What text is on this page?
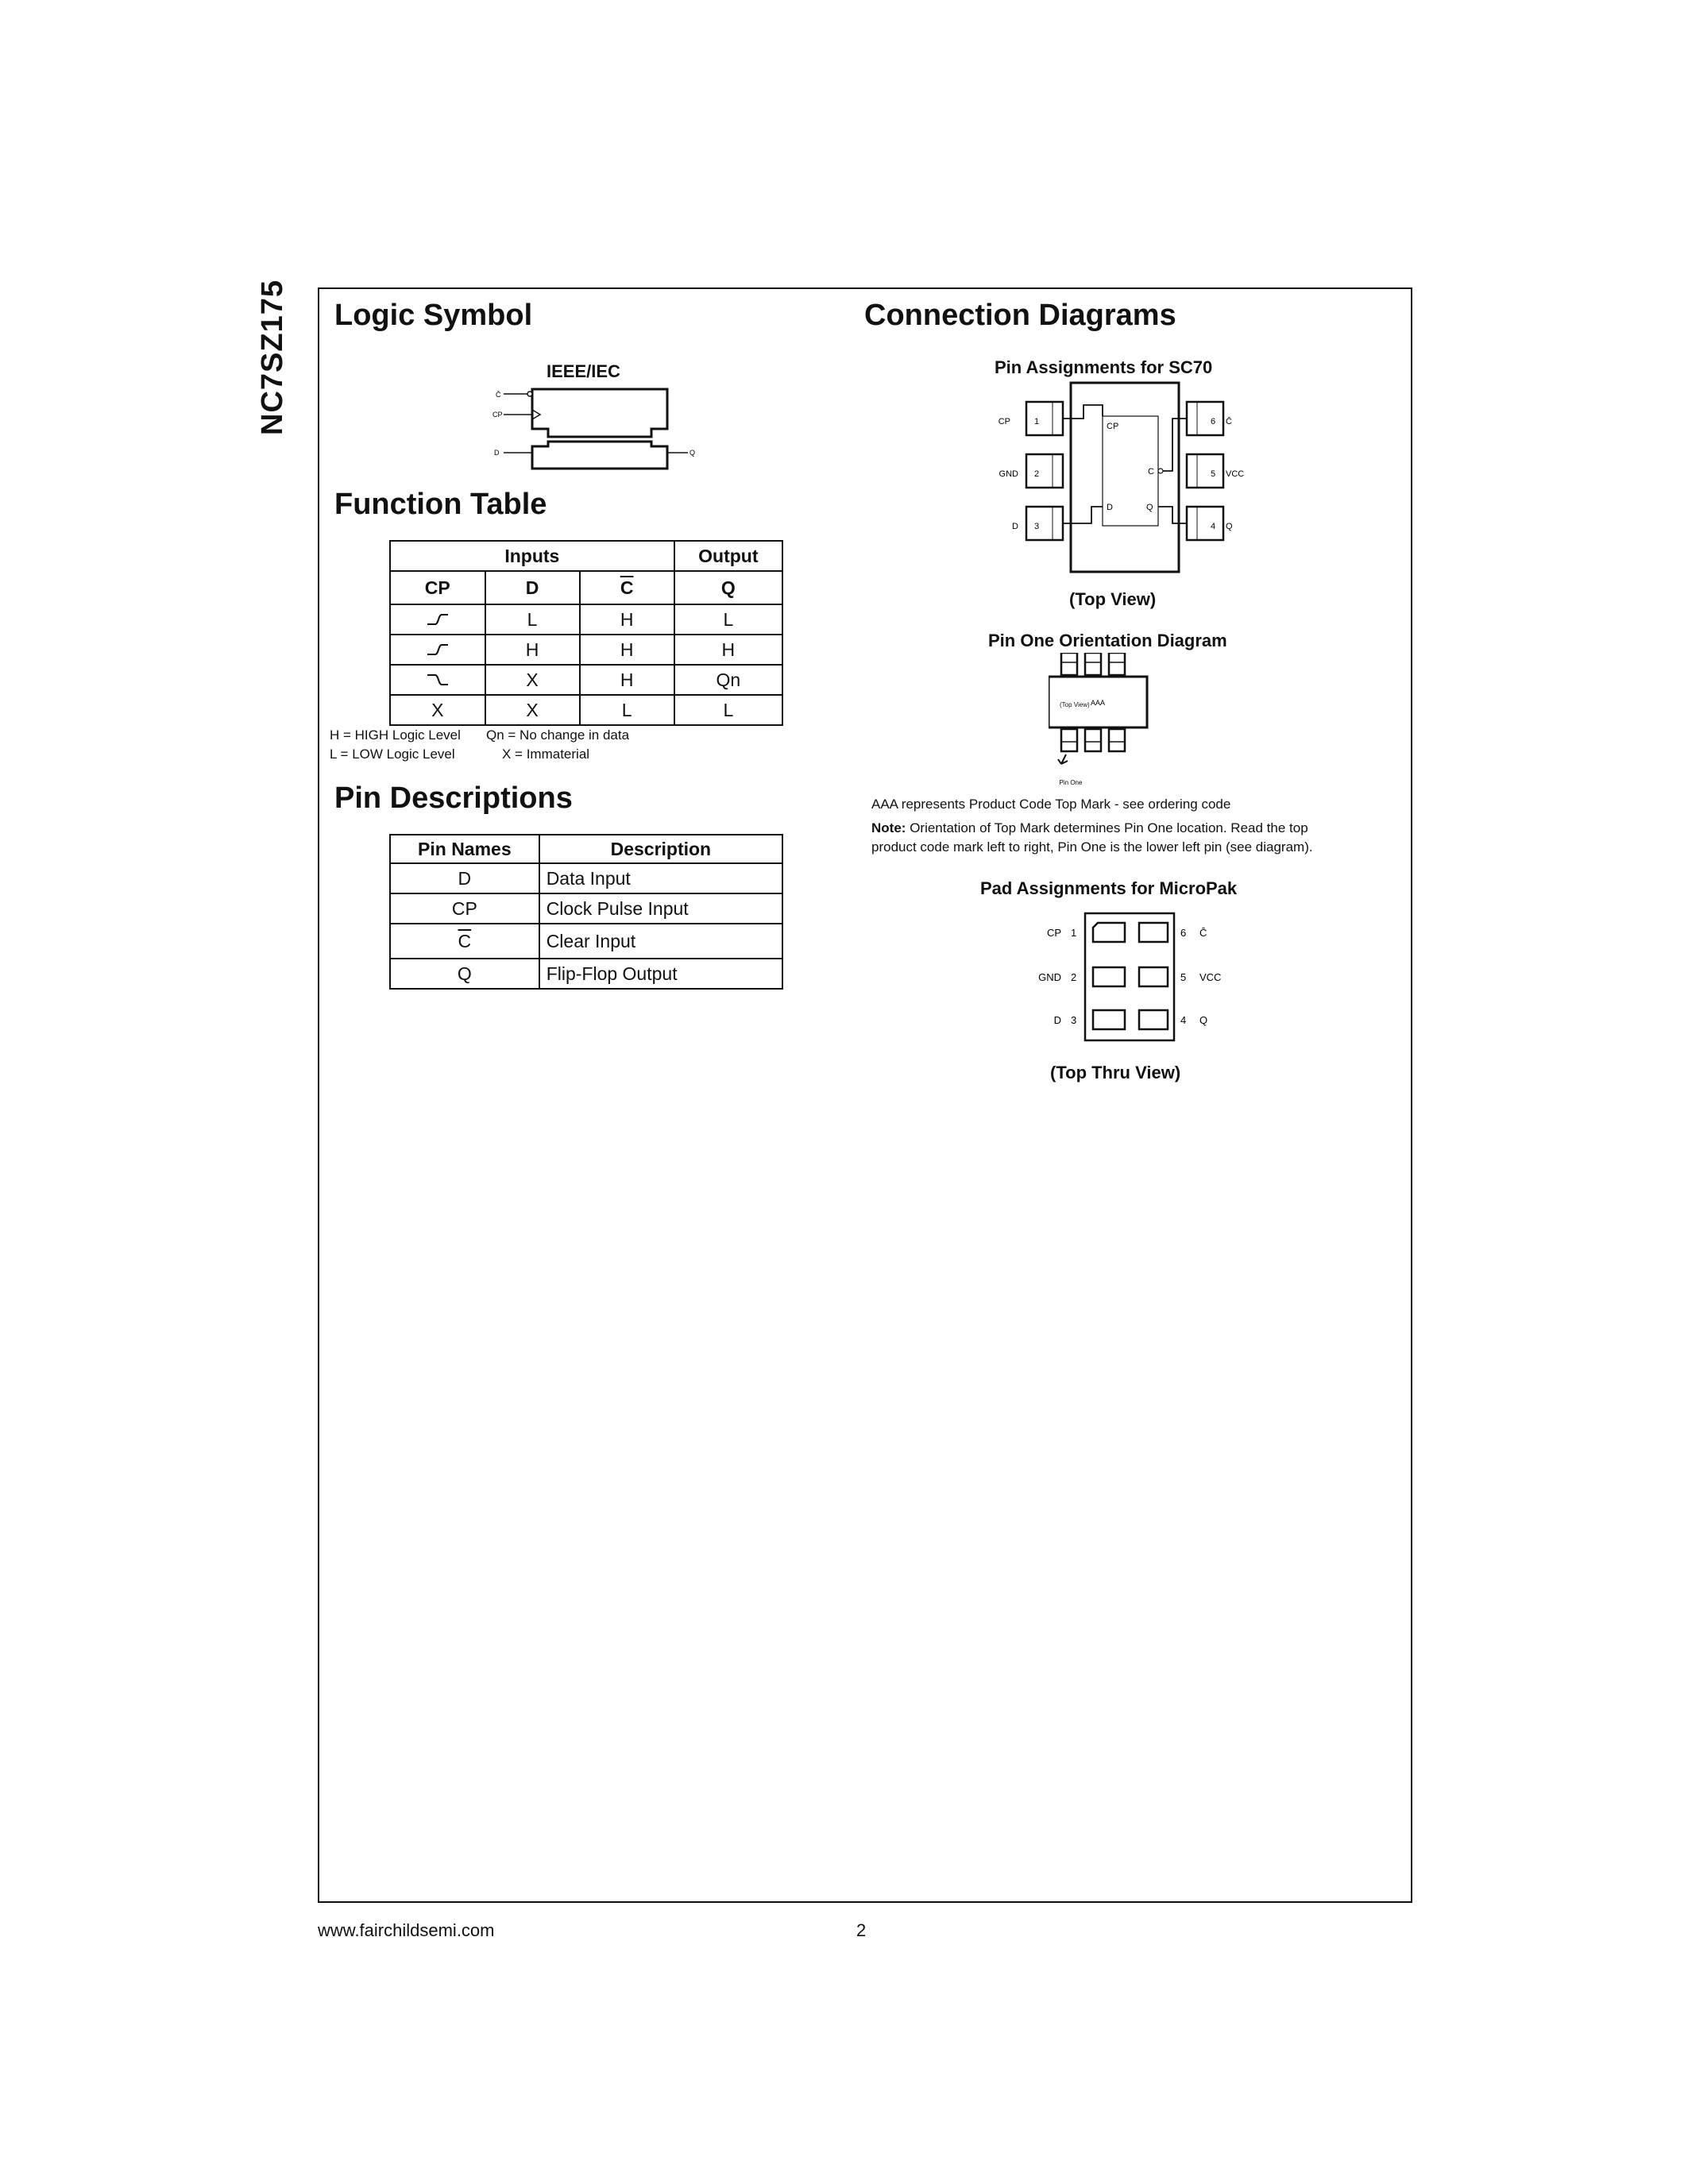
NC7SZ175 Logic Symbol
IEEE/IEC
C̄
CP
D	Q
Function Table
Inputs			Output
CP	D	$\overline{C}$	Q
	L	H	L
	H	H	H
	X	H	Qn
X	X	L	L
H = HIGH Logic Level Qn = No change in data
L = LOW Logic Level	X = Immaterial
Pin Descriptions
Pin Names	Description
D	Data Input
CP	Clock Pulse Input
$\overline{C}$	Clear Input
Q	Flip-Flop Output
Connection Diagrams
Pin Assignments for SC70
CP	1
GND 2
D 3
6 C̄
5 VCC
4 Q
CP
C
D	Q
(Top View)
Pin One Orientation Diagram
AAA
Pin One
(Top View)
AAA represents Product Code Top Mark - see ordering code
Note: Orientation of Top Mark determines Pin One location. Read the top
product code mark left to right, Pin One is the lower left pin (see diagram).
Pad Assignments for MicroPak
CP 1
GND 2
D 3
6 C̄
5 VCC
4 Q
(Top Thru View)
www.fairchildsemi.com	2
